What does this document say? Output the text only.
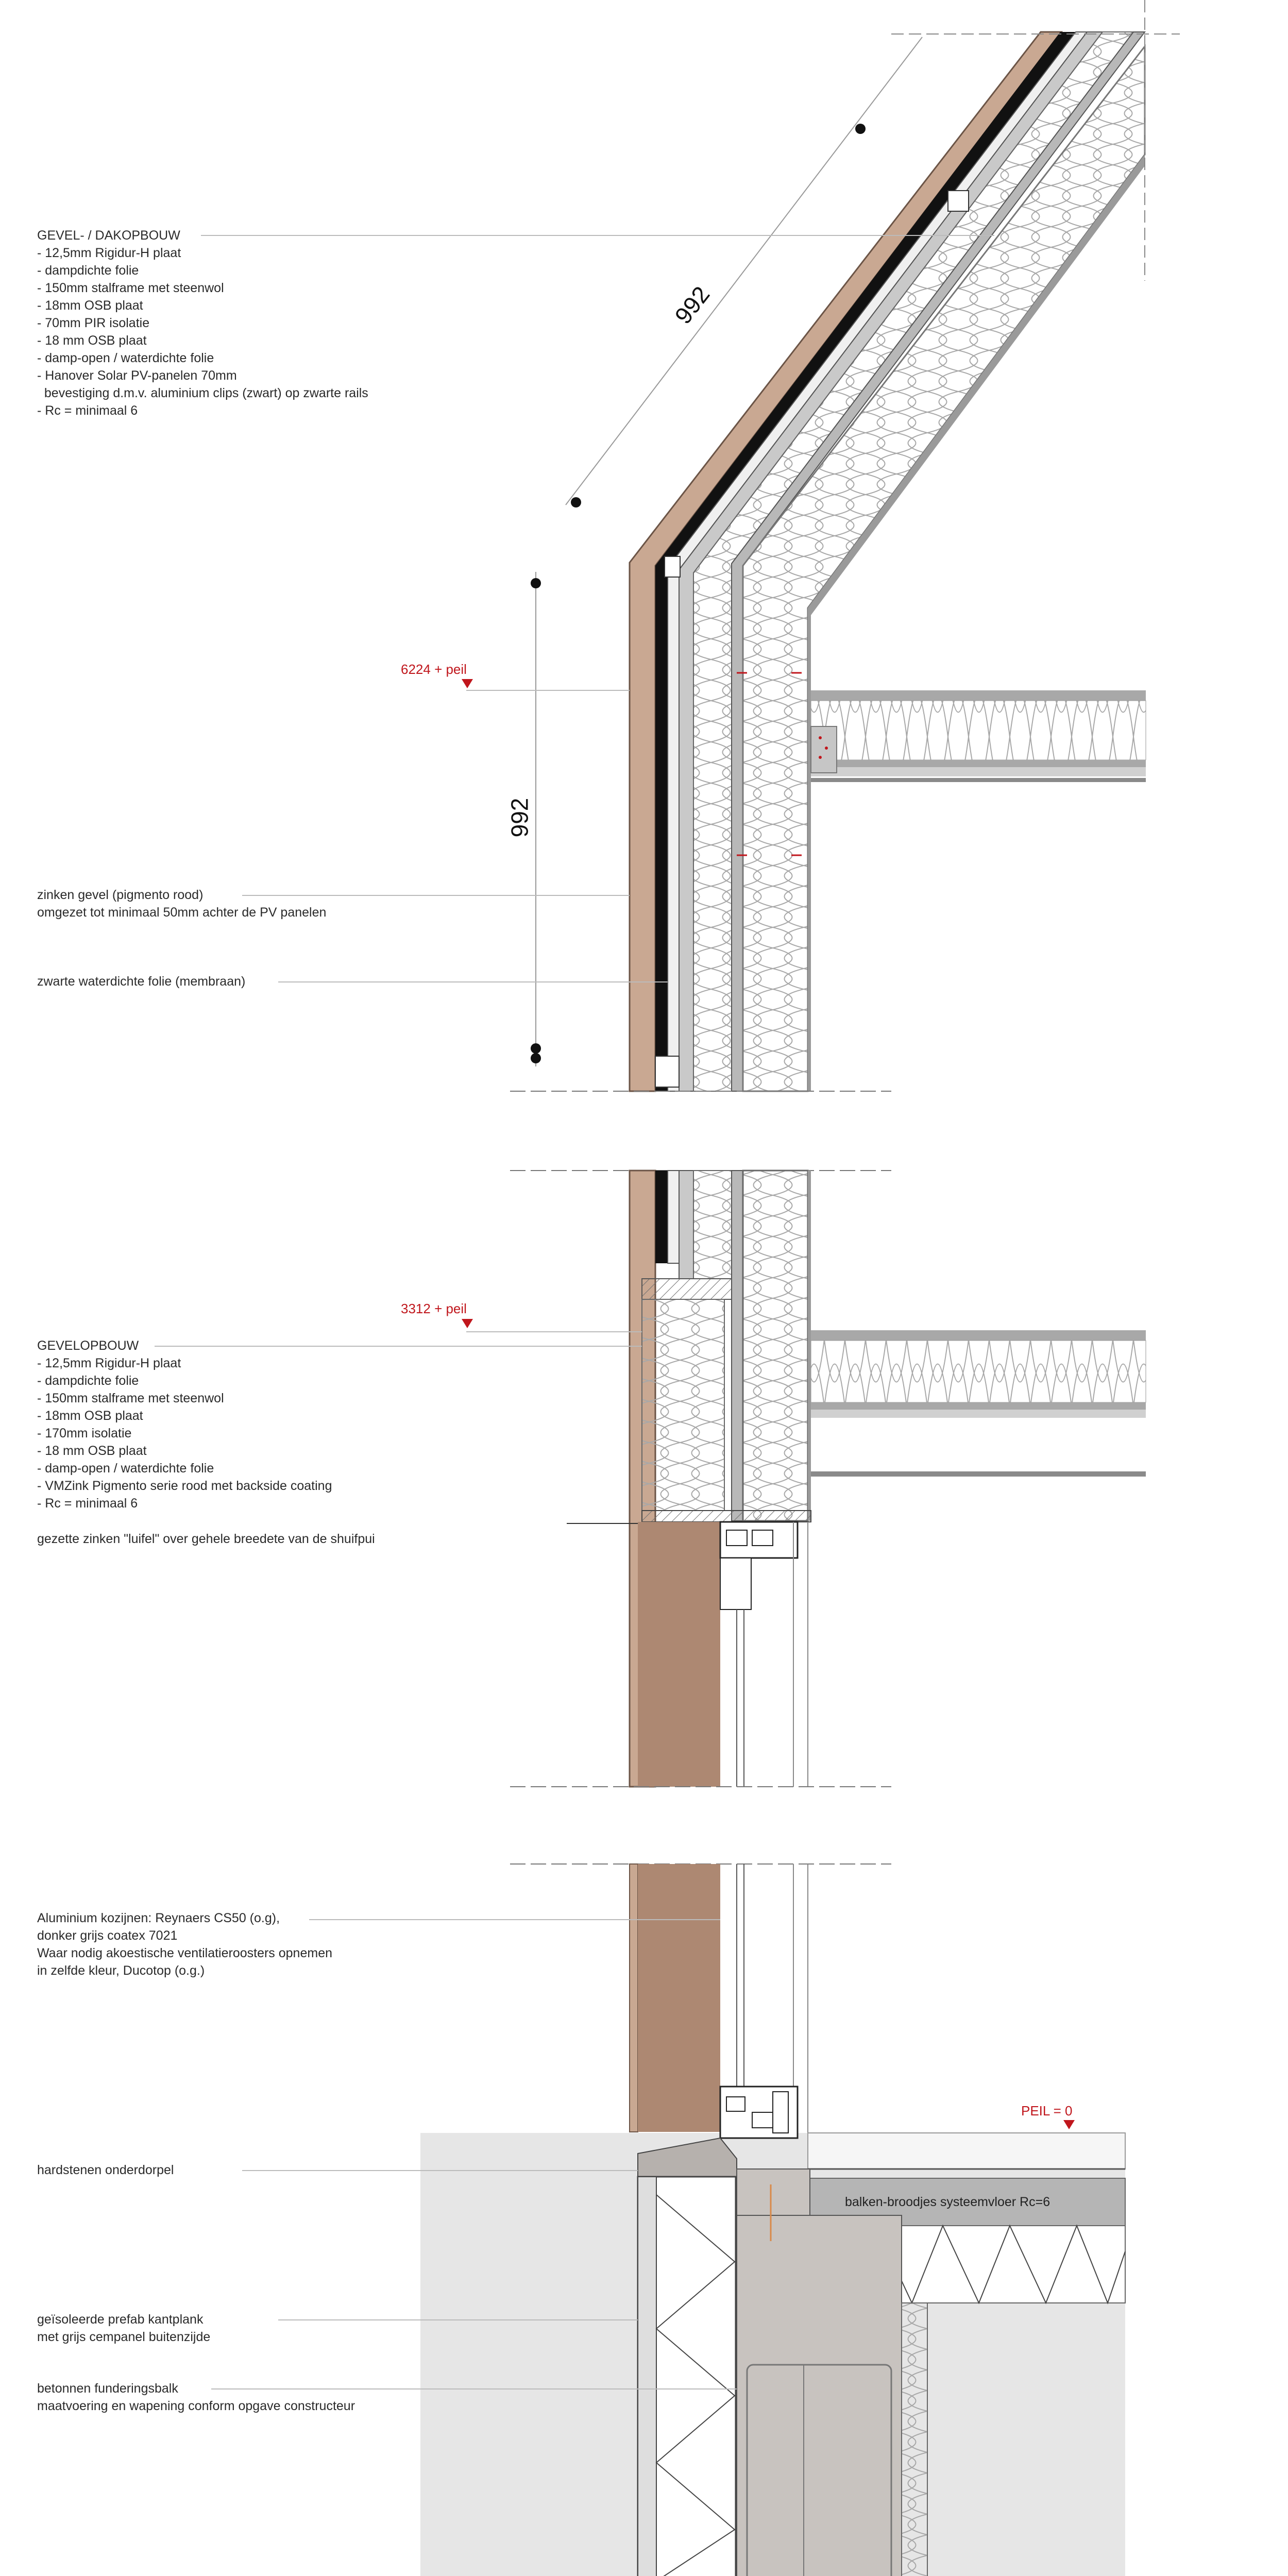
GEVEL- / DAKOPBOUW
- 12,5mm Rigidur-H plaat
- dampdichte folie
- 150mm stalframe met steenwol
- 18mm OSB plaat
- 70mm PIR isolatie
- 18 mm OSB plaat
- damp-open / waterdichte folie
- Hanover Solar PV-panelen 70mm
bevestiging d.m.v. aluminium clips (zwart) op zwarte rails
- Rc = minimaal 6
6224 + peil
zinken gevel (pigmento rood)
omgezet tot minimaal 50mm achter de PV panelen
zwarte waterdichte folie (membraan)
3312 + peil
GEVELOPBOUW
- 12,5mm Rigidur-H plaat
- dampdichte folie
- 150mm stalframe met steenwol
- 18mm OSB plaat
- 170mm isolatie
- 18 mm OSB plaat
- damp-open / waterdichte folie
- VMZink Pigmento serie rood met backside coating
- Rc = minimaal 6
gezette zinken "luifel" over gehele breedete van de shuifpui
Aluminium kozijnen: Reynaers CS50 (o.g),
donker grijs coatex 7021
Waar nodig akoestische ventilatieroosters opnemen
in zelfde kleur, Ducotop (o.g.)
PEIL = 0
hardstenen onderdorpel
balken-broodjes systeemvloer Rc=6
geïsoleerde prefab kantplank
met grijs cempanel buitenzijde
betonnen funderingsbalk
maatvoering en wapening conform opgave constructeur
992
992
